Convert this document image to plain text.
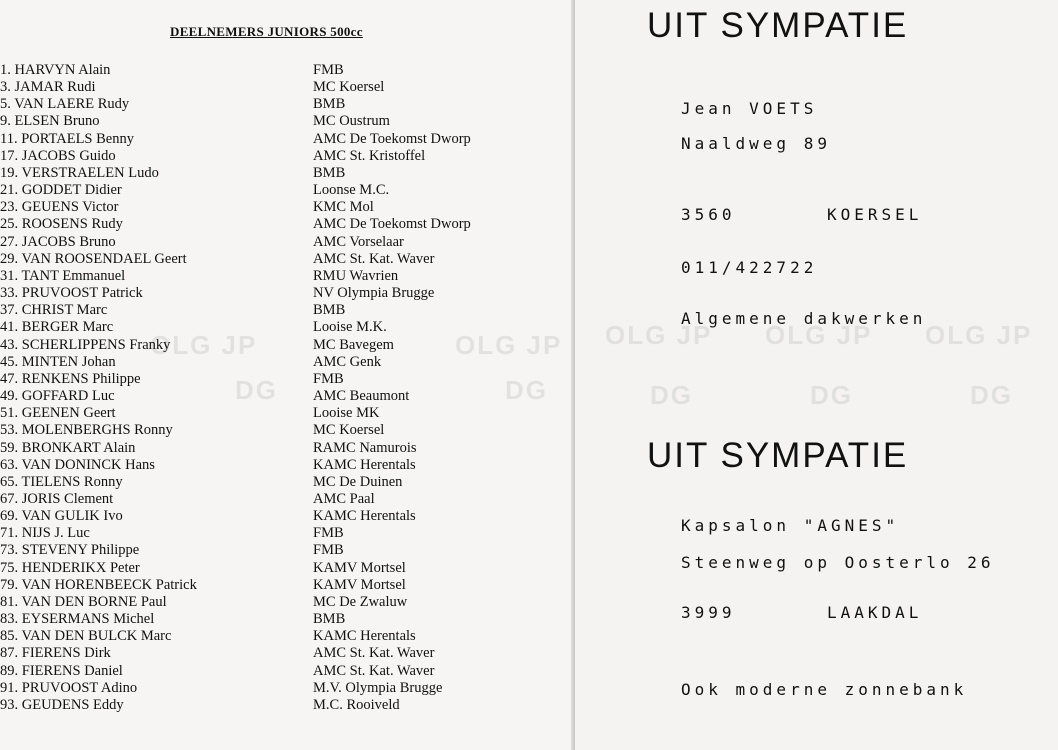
OLG JP
DG
OLG JP
DG
DEELNEMERS JUNIORS 500cc
1. HARVYN Alain	FMB
3. JAMAR Rudi	MC Koersel
5. VAN LAERE Rudy	BMB
9. ELSEN Bruno	MC Oustrum
11. PORTAELS Benny	AMC De Toekomst Dworp
17. JACOBS Guido	AMC St. Kristoffel
19. VERSTRAELEN Ludo	BMB
21. GODDET Didier	Loonse M.C.
23. GEUENS Victor	KMC Mol
25. ROOSENS Rudy	AMC De Toekomst Dworp
27. JACOBS Bruno	AMC Vorselaar
29. VAN ROOSENDAEL Geert	AMC St. Kat. Waver
31. TANT Emmanuel	RMU Wavrien
33. PRUVOOST Patrick	NV Olympia Brugge
37. CHRIST Marc	BMB
41. BERGER Marc	Looise M.K.
43. SCHERLIPPENS Franky	MC Bavegem
45. MINTEN Johan	AMC Genk
47. RENKENS Philippe	FMB
49. GOFFARD Luc	AMC Beaumont
51. GEENEN Geert	Looise MK
53. MOLENBERGHS Ronny	MC Koersel
59. BRONKART Alain	RAMC Namurois
63. VAN DONINCK Hans	KAMC Herentals
65. TIELENS Ronny	MC De Duinen
67. JORIS Clement	AMC Paal
69. VAN GULIK Ivo	KAMC Herentals
71. NIJS J. Luc	FMB
73. STEVENY Philippe	FMB
75. HENDERIKX Peter	KAMV Mortsel
79. VAN HORENBEECK Patrick	KAMV Mortsel
81. VAN DEN BORNE Paul	MC De Zwaluw
83. EYSERMANS Michel	BMB
85. VAN DEN BULCK Marc	KAMC Herentals
87. FIERENS Dirk	AMC St. Kat. Waver
89. FIERENS Daniel	AMC St. Kat. Waver
91. PRUVOOST Adino	M.V. Olympia Brugge
93. GEUDENS Eddy	M.C. Rooiveld
OLG JP
DG
OLG JP
DG
OLG JP
DG
UIT SYMPATIE
Jean VOETS
Naaldweg 89
3560	KOERSEL
011/422722
Algemene dakwerken
UIT SYMPATIE
Kapsalon "AGNES"
Steenweg op Oosterlo 26
3999	LAAKDAL
Ook moderne zonnebank
